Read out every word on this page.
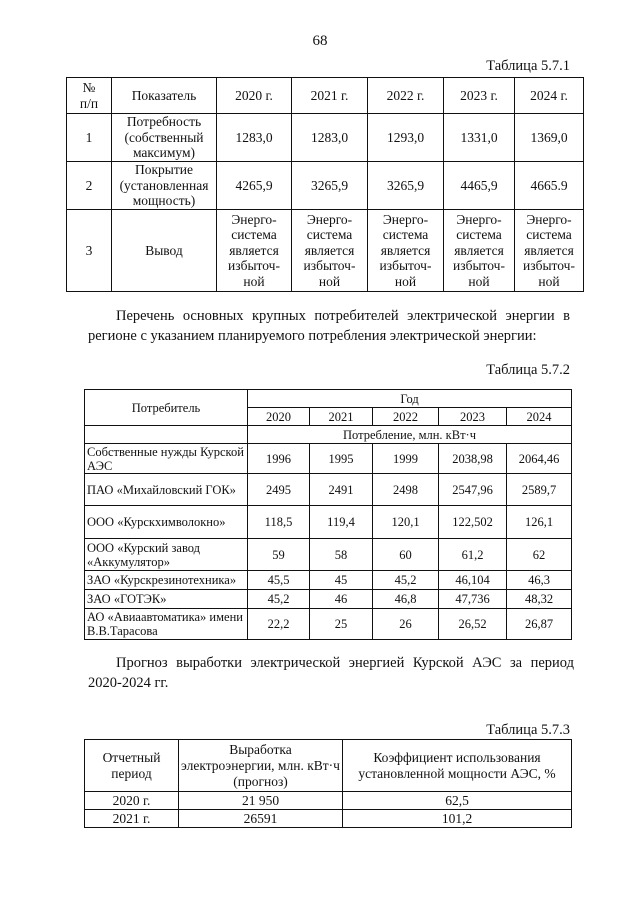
68
Таблица 5.7.1
№
п/п	Показатель	2020 г.	2021 г.	2022 г.	2023 г.	2024 г.
1	Потребность (собственный максимум)	1283,0	1283,0	1293,0	1331,0	1369,0
2	Покрытие (установленная мощность)	4265,9	3265,9	3265,9	4465,9	4665.9
3	Вывод	Энерго-система является избыточ-ной	Энерго-система является избыточ-ной	Энерго-система является избыточ-ной	Энерго-система является избыточ-ной	Энерго-система является избыточ-ной
Перечень основных крупных потребителей электрической энергии в регионе с указанием планируемого потребления электрической энергии:
Таблица 5.7.2
Потребитель	Год				
	2020	2021	2022	2023	2024
	Потребление, млн. кВт·ч				
Собственные нужды Курской АЭС	1996	1995	1999	2038,98	2064,46
ПАО «Михайловский ГОК»	2495	2491	2498	2547,96	2589,7
ООО «Курскхимволокно»	118,5	119,4	120,1	122,502	126,1
ООО «Курский завод «Аккумулятор»	59	58	60	61,2	62
ЗАО «Курскрезинотехника»	45,5	45	45,2	46,104	46,3
ЗАО «ГОТЭК»	45,2	46	46,8	47,736	48,32
АО «Авиаавтоматика» имени В.В.Тарасова	22,2	25	26	26,52	26,87
Прогноз выработки электрической энергией Курской АЭС за период 2020-2024 гг.
Таблица 5.7.3
Отчетный период	Выработка электроэнергии, млн. кВт·ч (прогноз)	Коэффициент использования установленной мощности АЭС, %
2020 г.	21 950	62,5
2021 г.	26591	101,2
